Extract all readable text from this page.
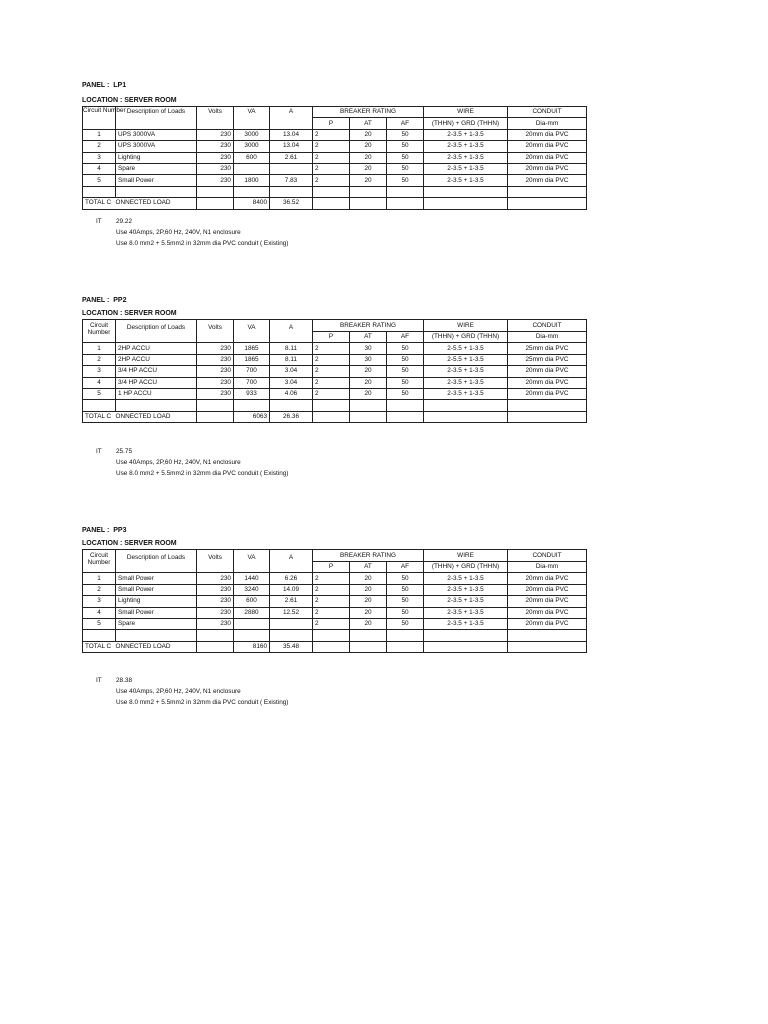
PANEL : LP1
LOCATION : SERVER ROOM
Circuit Number	Description of Loads	Volts	VA	A	BREAKER RATING			WIRE	CONDUIT
					P	AT	AF	(THHN) + GRD (THHN)	Dia-mm
1	UPS 3000VA	230	3000	13.04	2	20	50	2-3.5 + 1-3.5	20mm dia PVC
2	UPS 3000VA	230	3000	13.04	2	20	50	2-3.5 + 1-3.5	20mm dia PVC
3	Lighting	230	600	2.61	2	20	50	2-3.5 + 1-3.5	20mm dia PVC
4	Spare	230			2	20	50	2-3.5 + 1-3.5	20mm dia PVC
5	Small Power	230	1800	7.83	2	20	50	2-3.5 + 1-3.5	20mm dia PVC

TOTAL C	ONNECTED LOAD		8400	36.52					
IT 29.22
Use 40Amps, 2P,60 Hz, 240V, N1 enclosure
Use 8.0 mm2 + 5.5mm2 in 32mm dia PVC conduit ( Existing)
PANEL : PP2
LOCATION : SERVER ROOM
Circuit Number	Description of Loads	Volts	VA	A	BREAKER RATING			WIRE	CONDUIT
					P	AT	AF	(THHN) + GRD (THHN)	Dia-mm
1	2HP ACCU	230	1865	8.11	2	30	50	2-5.5 + 1-3.5	25mm dia PVC
2	2HP ACCU	230	1865	8.11	2	30	50	2-5.5 + 1-3.5	25mm dia PVC
3	3/4 HP ACCU	230	700	3.04	2	20	50	2-3.5 + 1-3.5	20mm dia PVC
4	3/4 HP ACCU	230	700	3.04	2	20	50	2-3.5 + 1-3.5	20mm dia PVC
5	1 HP ACCU	230	933	4.06	2	20	50	2-3.5 + 1-3.5	20mm dia PVC

TOTAL C	ONNECTED LOAD		6063	26.36					
IT 25.75
Use 40Amps, 2P,60 Hz, 240V, N1 enclosure
Use 8.0 mm2 + 5.5mm2 in 32mm dia PVC conduit ( Existing)
PANEL : PP3
LOCATION : SERVER ROOM
Circuit Number	Description of Loads	Volts	VA	A	BREAKER RATING			WIRE	CONDUIT
					P	AT	AF	(THHN) + GRD (THHN)	Dia-mm
1	Small Power	230	1440	6.26	2	20	50	2-3.5 + 1-3.5	20mm dia PVC
2	Small Power	230	3240	14.09	2	20	50	2-3.5 + 1-3.5	20mm dia PVC
3	Lighting	230	600	2.61	2	20	50	2-3.5 + 1-3.5	20mm dia PVC
4	Small Power	230	2880	12.52	2	20	50	2-3.5 + 1-3.5	20mm dia PVC
5	Spare	230			2	20	50	2-3.5 + 1-3.5	20mm dia PVC

TOTAL C	ONNECTED LOAD		8160	35.48					
IT 28.38
Use 40Amps, 2P,60 Hz, 240V, N1 enclosure
Use 8.0 mm2 + 5.5mm2 in 32mm dia PVC conduit ( Existing)
